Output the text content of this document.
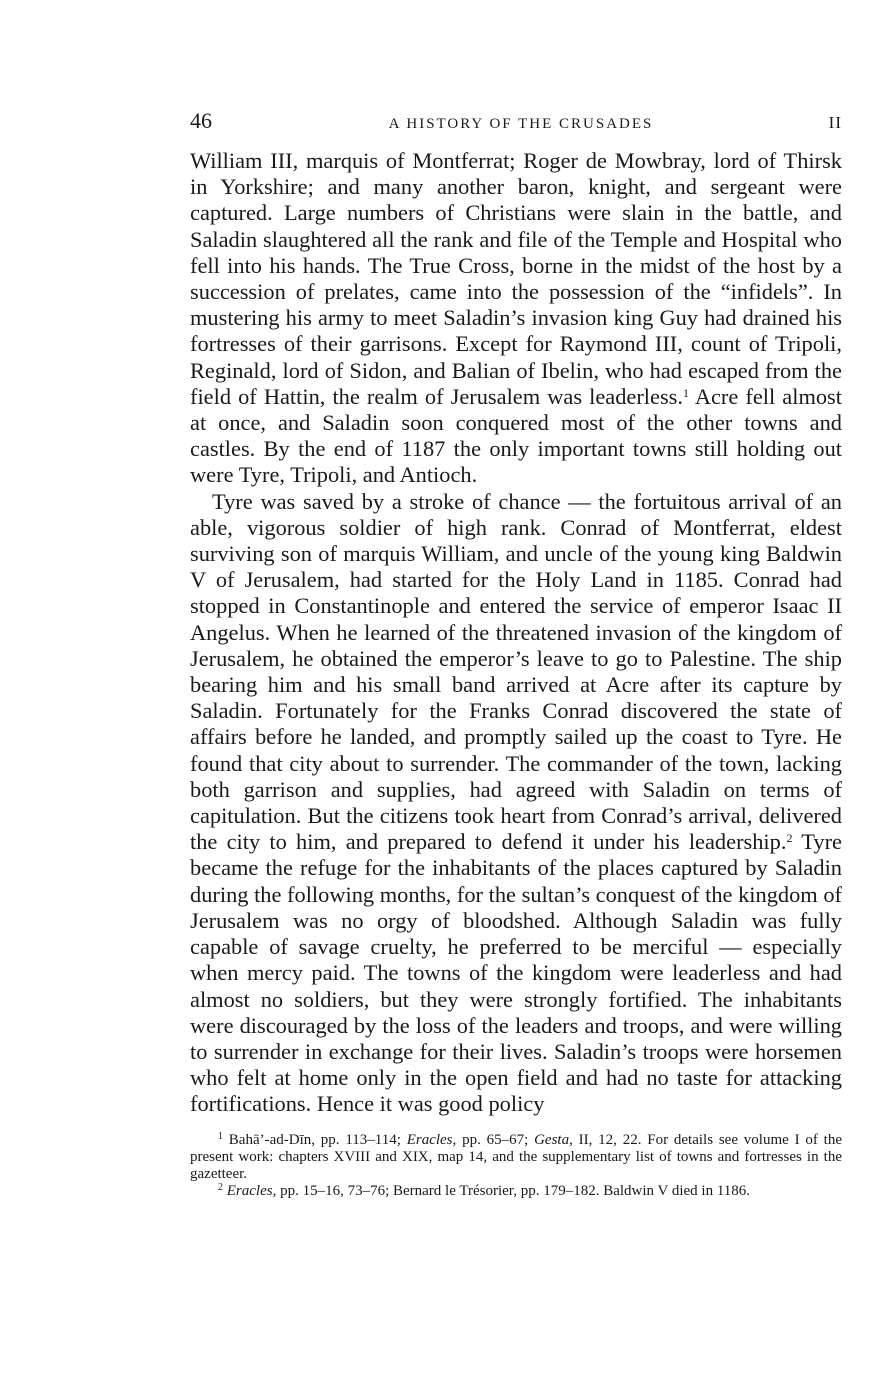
46	A HISTORY OF THE CRUSADES	II

William III, marquis of Montferrat; Roger de Mowbray, lord of Thirsk in Yorkshire; and many another baron, knight, and sergeant were captured. Large numbers of Christians were slain in the battle, and Saladin slaughtered all the rank and file of the Temple and Hospital who fell into his hands. The True Cross, borne in the midst of the host by a succession of prelates, came into the possession of the “infidels”. In mustering his army to meet Saladin’s invasion king Guy had drained his fortresses of their garrisons. Except for Raymond III, count of Tripoli, Reginald, lord of Sidon, and Balian of Ibelin, who had escaped from the field of Hattin, the realm of Jerusalem was leaderless.$^1$ Acre fell almost at once, and Saladin soon conquered most of the other towns and castles. By the end of 1187 the only important towns still holding out were Tyre, Tripoli, and Antioch.

Tyre was saved by a stroke of chance — the fortuitous arrival of an able, vigorous soldier of high rank. Conrad of Montferrat, eldest surviving son of marquis William, and uncle of the young king Baldwin V of Jerusalem, had started for the Holy Land in 1185. Conrad had stopped in Constantinople and entered the service of emperor Isaac II Angelus. When he learned of the threatened invasion of the kingdom of Jerusalem, he obtained the emperor’s leave to go to Palestine. The ship bearing him and his small band arrived at Acre after its capture by Saladin. Fortunately for the Franks Conrad discovered the state of affairs before he landed, and promptly sailed up the coast to Tyre. He found that city about to surrender. The commander of the town, lacking both garrison and supplies, had agreed with Saladin on terms of capitulation. But the citizens took heart from Conrad’s arrival, delivered the city to him, and prepared to defend it under his leadership.$^2$ Tyre became the refuge for the inhabitants of the places captured by Saladin during the following months, for the sultan’s conquest of the kingdom of Jerusalem was no orgy of bloodshed. Although Saladin was fully capable of savage cruelty, he preferred to be merciful — especially when mercy paid. The towns of the kingdom were leaderless and had almost no soldiers, but they were strongly fortified. The inhabitants were discouraged by the loss of the leaders and troops, and were willing to surrender in exchange for their lives. Saladin’s troops were horsemen who felt at home only in the open field and had no taste for attacking fortifications. Hence it was good policy

$^1$ Bahā’-ad-Dīn, pp. 113–114; Eracles, pp. 65–67; Gesta, II, 12, 22. For details see volume I of the present work: chapters XVIII and XIX, map 14, and the supplementary list of towns and fortresses in the gazetteer.

$^2$ Eracles, pp. 15–16, 73–76; Bernard le Trésorier, pp. 179–182. Baldwin V died in 1186.
